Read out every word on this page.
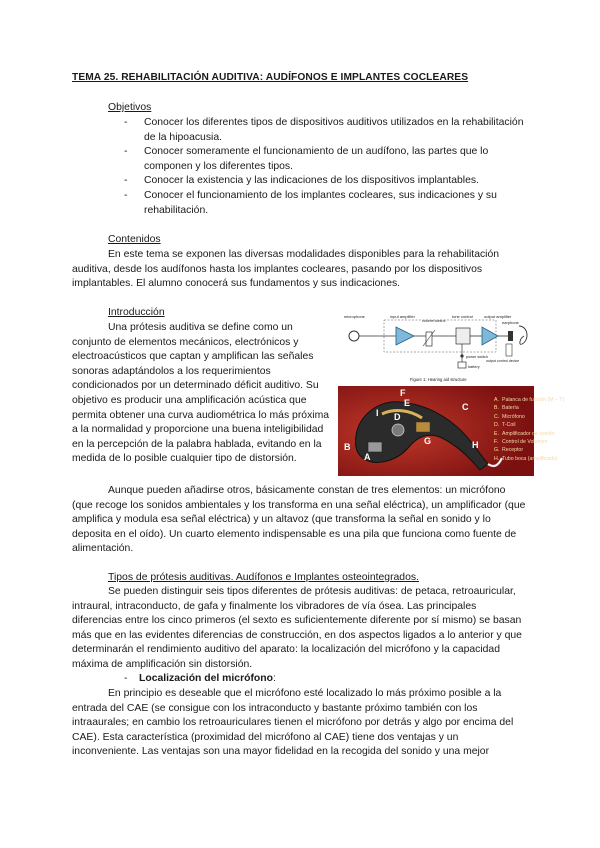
TEMA 25. REHABILITACIÓN AUDITIVA: AUDÍFONOS E IMPLANTES COCLEARES
Objetivos
- Conocer los diferentes tipos de dispositivos auditivos utilizados en la rehabilitación de la hipoacusia.
- Conocer someramente el funcionamiento de un audífono, las partes que lo componen y los diferentes tipos.
- Conocer la existencia y las indicaciones de los dispositivos implantables.
- Conocer el funcionamiento de los implantes cocleares, sus indicaciones y su rehabilitación.
Contenidos
En este tema se exponen las diversas modalidades disponibles para la rehabilitación auditiva, desde los audífonos hasta los implantes cocleares, pasando por los dispositivos implantables. El alumno conocerá sus fundamentos y sus indicaciones.
Introducción
Una prótesis auditiva se define como un conjunto de elementos mecánicos, electrónicos y electroacústicos que captan y amplifican las señales sonoras adaptándolos a los requerimientos condicionados por un determinado déficit auditivo. Su objetivo es producir una amplificación acústica que permita obtener una curva audiométrica lo más próxima a la normalidad y proporcione una buena inteligibilidad en la percepción de la palabra hablada, evitando en la medida de lo posible cualquier tipo de distorsión.
microphone	input amplifier
volume control
tone control	output amplifier
earphone
power switch
battery
output control device
Figure 1: Hearing aid structure
A
B
C
D
E
F
G	H
I
A. Palanca de función (M – T)
B. Batería
C. Micrófono
D. T-Coil
E. Amplificador de sonido
F. Control de Volumen
G. Receptor
H. Tubo boca (amplificado)
Aunque pueden añadirse otros, básicamente constan de tres elementos: un micrófono (que recoge los sonidos ambientales y los transforma en una señal eléctrica), un amplificador (que amplifica y modula esa señal eléctrica) y un altavoz (que transforma la señal en sonido y lo deposita en el oído). Un cuarto elemento indispensable es una pila que funciona como fuente de alimentación.
Tipos de prótesis auditivas. Audífonos e Implantes osteointegrados.
Se pueden distinguir seis tipos diferentes de prótesis auditivas: de petaca, retroauricular, intraural, intraconducto, de gafa y finalmente los vibradores de vía ósea. Las principales diferencias entre los cinco primeros (el sexto es suficientemente diferente por sí mismo) se basan más que en las evidentes diferencias de construcción, en dos aspectos ligados a lo anterior y que determinarán el rendimiento auditivo del aparato: la localización del micrófono y la capacidad máxima de amplificación sin distorsión.
- Localización del micrófono:
En principio es deseable que el micrófono esté localizado lo más próximo posible a la entrada del CAE (se consigue con los intraconducto y bastante próximo también con los intraaurales; en cambio los retroauriculares tienen el micrófono por detrás y algo por encima del CAE). Esta característica (proximidad del micrófono al CAE) tiene dos ventajas y un inconveniente. Las ventajas son una mayor fidelidad en la recogida del sonido y una mejor
